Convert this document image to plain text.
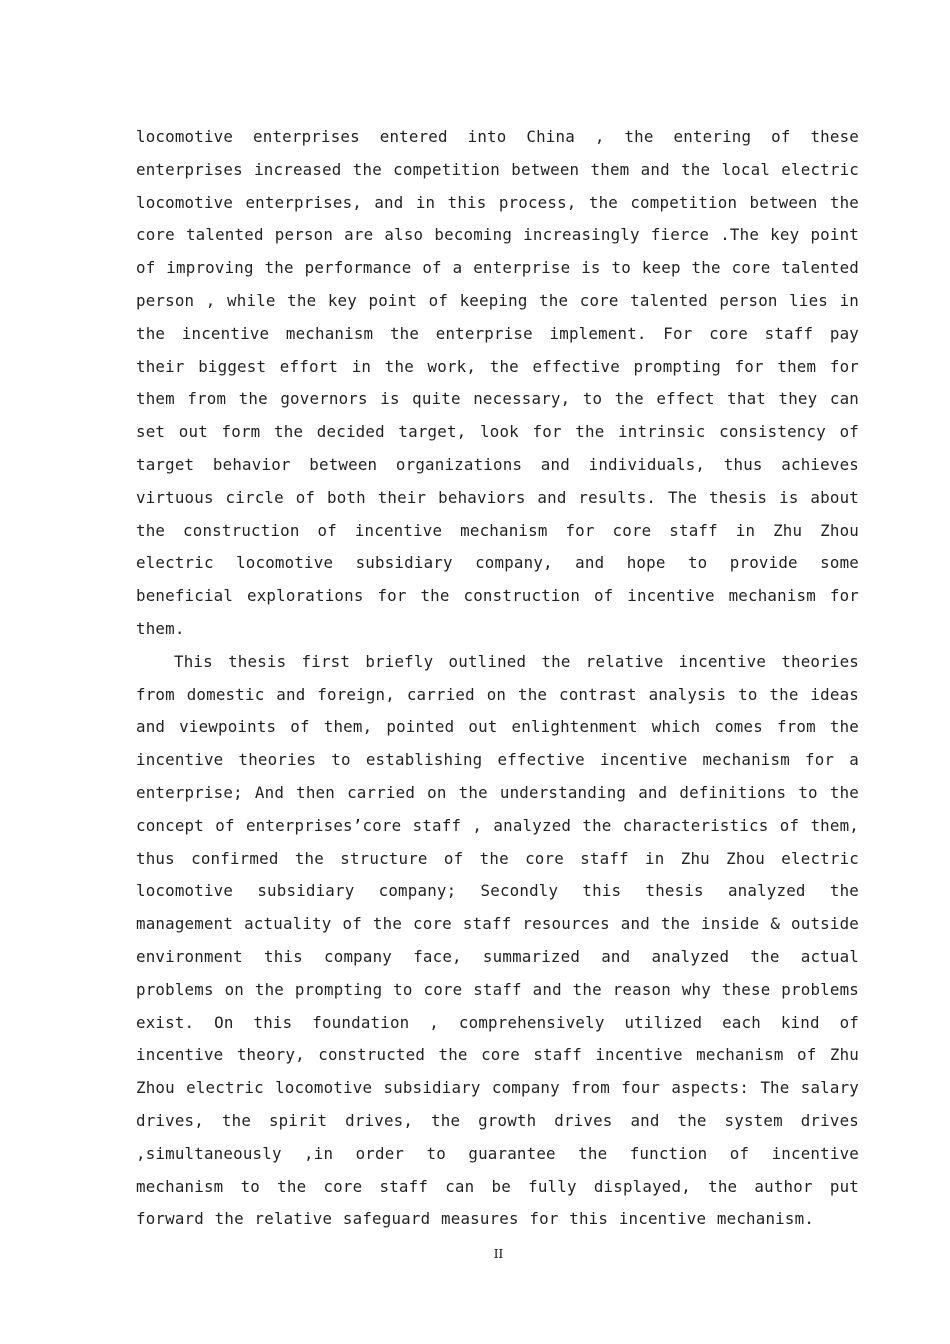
locomotive enterprises entered into China , the entering of these enterprises increased the competition between them and the local electric locomotive enterprises, and in this process, the competition between the core talented person are also becoming increasingly fierce .The key point of improving the performance of a enterprise is to keep the core talented person , while the key point of keeping the core talented person lies in the incentive mechanism the enterprise implement. For core staff pay their biggest effort in the work, the effective prompting for them for them from the governors is quite necessary, to the effect that they can set out form the decided target, look for the intrinsic consistency of target behavior between organizations and individuals, thus achieves virtuous circle of both their behaviors and results. The thesis is about the construction of incentive mechanism for core staff in Zhu Zhou electric locomotive subsidiary company, and hope to provide some beneficial explorations for the construction of incentive mechanism for them.

This thesis first briefly outlined the relative incentive theories from domestic and foreign, carried on the contrast analysis to the ideas and viewpoints of them, pointed out enlightenment which comes from the incentive theories to establishing effective incentive mechanism for a enterprise; And then carried on the understanding and definitions to the concept of enterprises’core staff , analyzed the characteristics of them, thus confirmed the structure of the core staff in Zhu Zhou electric locomotive subsidiary company; Secondly this thesis analyzed the management actuality of the core staff resources and the inside & outside environment this company face, summarized and analyzed the actual problems on the prompting to core staff and the reason why these problems exist. On this foundation , comprehensively utilized each kind of incentive theory, constructed the core staff incentive mechanism of Zhu Zhou electric locomotive subsidiary company from four aspects: The salary drives, the spirit drives, the growth drives and the system drives ,simultaneously ,in order to guarantee the function of incentive mechanism to the core staff can be fully displayed, the author put forward the relative safeguard measures for this incentive mechanism.

II
